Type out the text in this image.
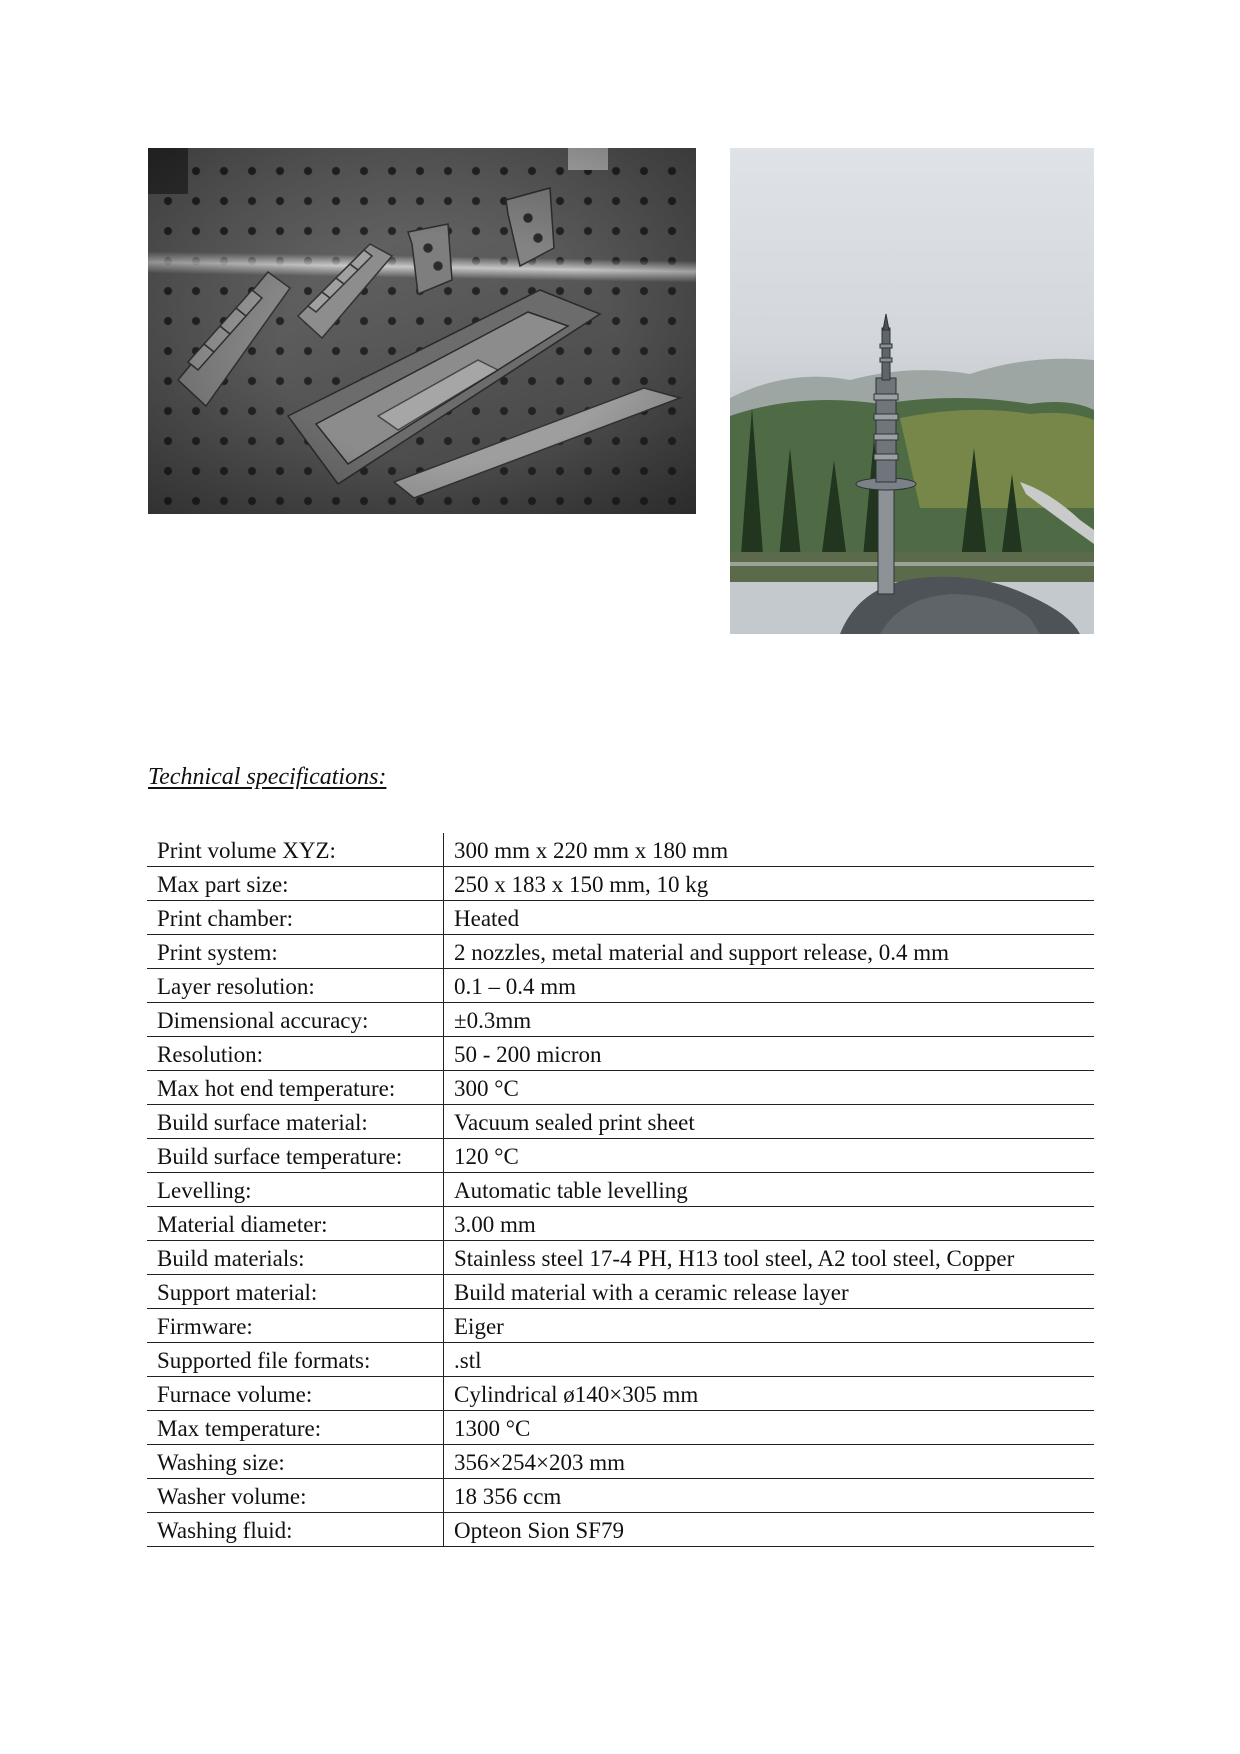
Technical specifications:
Print volume XYZ:	300 mm x 220 mm x 180 mm
Max part size:	250 x 183 x 150 mm, 10 kg
Print chamber:	Heated
Print system:	2 nozzles, metal material and support release, 0.4 mm
Layer resolution:	0.1 – 0.4 mm
Dimensional accuracy:	±0.3mm
Resolution:	50 - 200 micron
Max hot end temperature:	300 °C
Build surface material:	Vacuum sealed print sheet
Build surface temperature:	120 °C
Levelling:	Automatic table levelling
Material diameter:	3.00 mm
Build materials:	Stainless steel 17-4 PH, H13 tool steel, A2 tool steel, Copper
Support material:	Build material with a ceramic release layer
Firmware:	Eiger
Supported file formats:	.stl
Furnace volume:	Cylindrical ø140×305 mm
Max temperature:	1300 °C
Washing size:	356×254×203 mm
Washer volume:	18 356 ccm
Washing fluid:	Opteon Sion SF79
